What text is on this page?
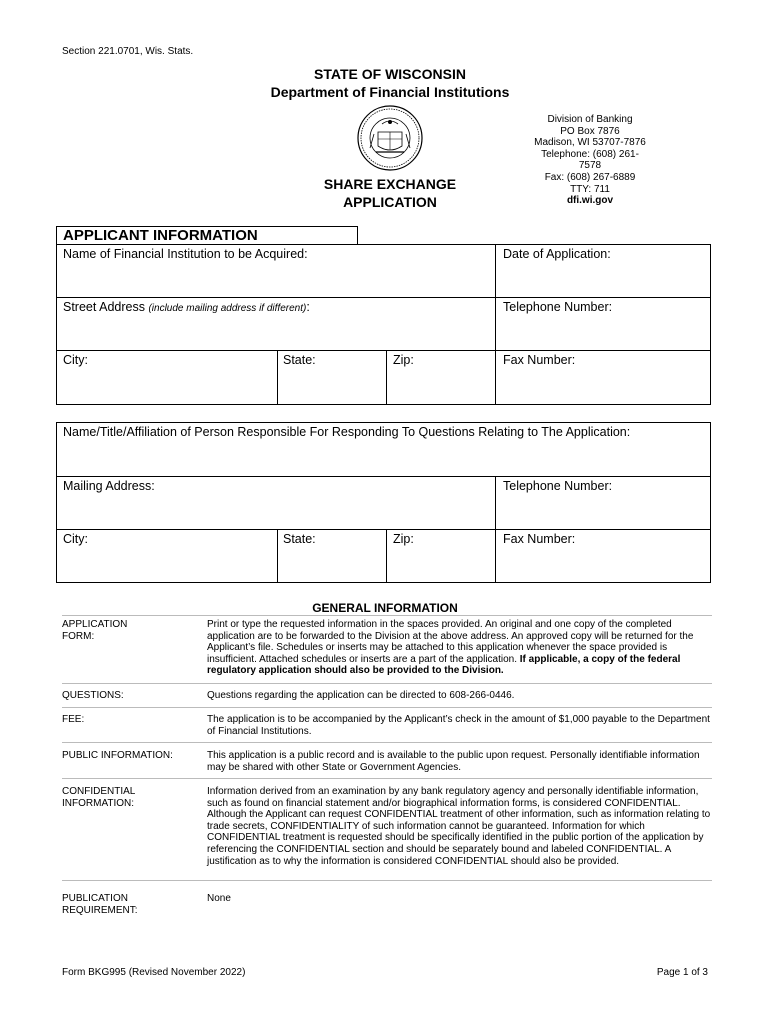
Section 221.0701, Wis. Stats.
STATE OF WISCONSIN
Department of Financial Institutions
Division of Banking
PO Box 7876
Madison, WI 53707-7876
Telephone: (608) 261-7578
Fax: (608) 267-6889
TTY: 711
dfi.wi.gov
SHARE EXCHANGE
APPLICATION
APPLICANT INFORMATION
Name of Financial Institution to be Acquired:	Date of Application:
Street Address (include mailing address if different):	Telephone Number:
City:	State:	Zip:	Fax Number:
Name/Title/Affiliation of Person Responsible For Responding To Questions Relating to The Application:
Mailing Address:	Telephone Number:
City:	State:	Zip:	Fax Number:
GENERAL INFORMATION
APPLICATION FORM:
Print or type the requested information in the spaces provided. An original and one copy of the completed application are to be forwarded to the Division at the above address. An approved copy will be returned for the Applicant’s file. Schedules or inserts may be attached to this application whenever the space provided is insufficient. Attached schedules or inserts are a part of the application. If applicable, a copy of the federal regulatory application should also be provided to the Division.
QUESTIONS:	Questions regarding the application can be directed to 608-266-0446.
FEE:	The application is to be accompanied by the Applicant’s check in the amount of $1,000 payable to the Department of Financial Institutions.
PUBLIC INFORMATION:	This application is a public record and is available to the public upon request. Personally identifiable information may be shared with other State or Government Agencies.
CONFIDENTIAL INFORMATION:
Information derived from an examination by any bank regulatory agency and personally identifiable information, such as found on financial statement and/or biographical information forms, is considered CONFIDENTIAL. Although the Applicant can request CONFIDENTIAL treatment of other information, such as information relating to trade secrets, CONFIDENTIALITY of such information cannot be guaranteed. Information for which CONFIDENTIAL treatment is requested should be specifically identified in the public portion of the application by referencing the CONFIDENTIAL section and should be separately bound and labeled CONFIDENTIAL. A justification as to why the information is considered CONFIDENTIAL should also be provided.
PUBLICATION REQUIREMENT:
None
Form BKG995 (Revised November 2022)	Page 1 of 3
